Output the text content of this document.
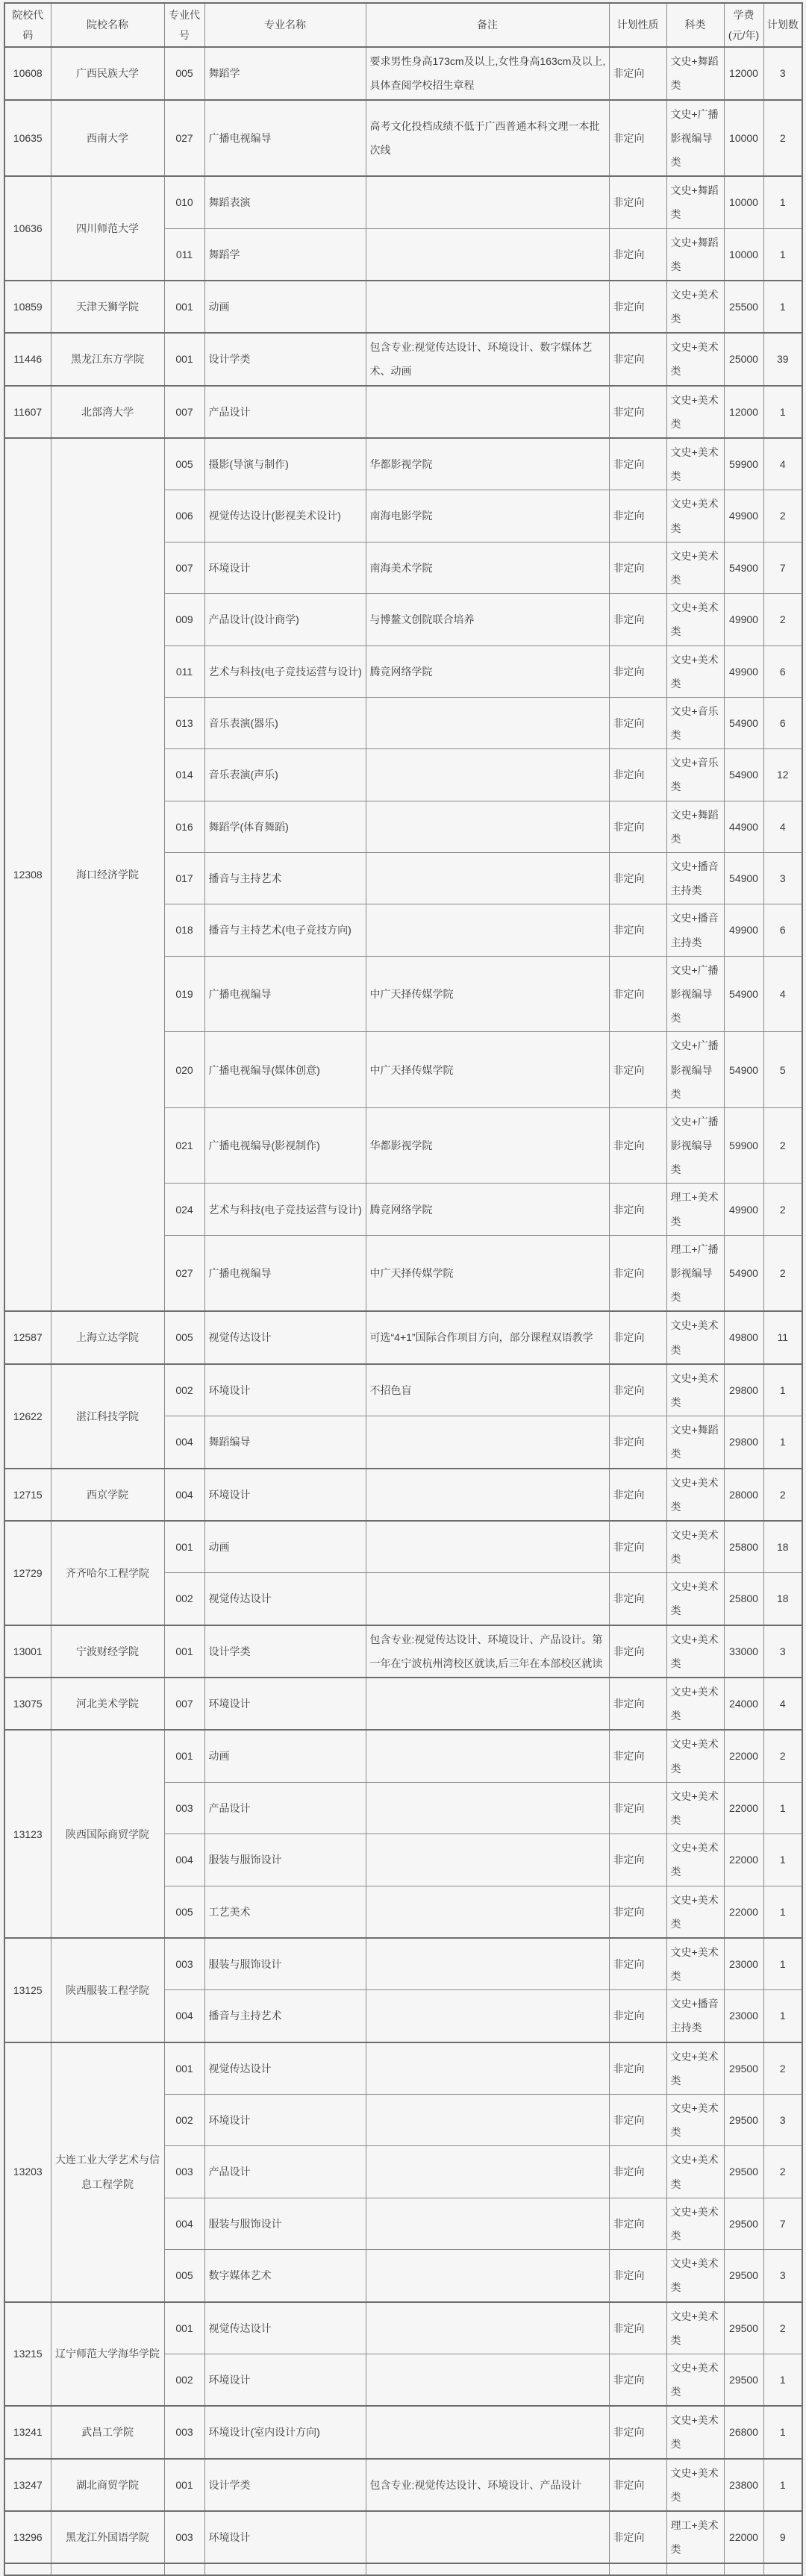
院校代码	院校名称	专业代号	专业名称	备注	计划性质	科类	学费(元/年)	计划数
10608	广西民族大学	005	舞蹈学	要求男性身高173cm及以上,女性身高163cm及以上,具体查阅学校招生章程	非定向	文史+舞蹈类	12000	3
10635	西南大学	027	广播电视编导	高考文化投档成绩不低于广西普通本科文理一本批次线	非定向	文史+广播影视编导类	10000	2
10636	四川师范大学	010	舞蹈表演		非定向	文史+舞蹈类	10000	1
		011	舞蹈学		非定向	文史+舞蹈类	10000	1
10859	天津天狮学院	001	动画		非定向	文史+美术类	25500	1
11446	黑龙江东方学院	001	设计学类	包含专业:视觉传达设计、环境设计、数字媒体艺术、动画	非定向	文史+美术类	25000	39
11607	北部湾大学	007	产品设计		非定向	文史+美术类	12000	1
12308	海口经济学院	005	摄影(导演与制作)	华都影视学院	非定向	文史+美术类	59900	4
		006	视觉传达设计(影视美术设计)	南海电影学院	非定向	文史+美术类	49900	2
		007	环境设计	南海美术学院	非定向	文史+美术类	54900	7
		009	产品设计(设计商学)	与博鳌文创院联合培养	非定向	文史+美术类	49900	2
		011	艺术与科技(电子竞技运营与设计)	腾竞网络学院	非定向	文史+美术类	49900	6
		013	音乐表演(器乐)		非定向	文史+音乐类	54900	6
		014	音乐表演(声乐)		非定向	文史+音乐类	54900	12
		016	舞蹈学(体育舞蹈)		非定向	文史+舞蹈类	44900	4
		017	播音与主持艺术		非定向	文史+播音主持类	54900	3
		018	播音与主持艺术(电子竞技方向)		非定向	文史+播音主持类	49900	6
		019	广播电视编导	中广天择传媒学院	非定向	文史+广播影视编导类	54900	4
		020	广播电视编导(媒体创意)	中广天择传媒学院	非定向	文史+广播影视编导类	54900	5
		021	广播电视编导(影视制作)	华都影视学院	非定向	文史+广播影视编导类	59900	2
		024	艺术与科技(电子竞技运营与设计)	腾竞网络学院	非定向	理工+美术类	49900	2
		027	广播电视编导	中广天择传媒学院	非定向	理工+广播影视编导类	54900	2
12587	上海立达学院	005	视觉传达设计	可选“4+1”国际合作项目方向，部分课程双语教学	非定向	文史+美术类	49800	11
12622	湛江科技学院	002	环境设计	不招色盲	非定向	文史+美术类	29800	1
		004	舞蹈编导		非定向	文史+舞蹈类	29800	1
12715	西京学院	004	环境设计		非定向	文史+美术类	28000	2
12729	齐齐哈尔工程学院	001	动画		非定向	文史+美术类	25800	18
		002	视觉传达设计		非定向	文史+美术类	25800	18
13001	宁波财经学院	001	设计学类	包含专业:视觉传达设计、环境设计、产品设计。第一年在宁波杭州湾校区就读,后三年在本部校区就读	非定向	文史+美术类	33000	3
13075	河北美术学院	007	环境设计		非定向	文史+美术类	24000	4
13123	陕西国际商贸学院	001	动画		非定向	文史+美术类	22000	2
		003	产品设计		非定向	文史+美术类	22000	1
		004	服装与服饰设计		非定向	文史+美术类	22000	1
		005	工艺美术		非定向	文史+美术类	22000	1
13125	陕西服装工程学院	003	服装与服饰设计		非定向	文史+美术类	23000	1
		004	播音与主持艺术		非定向	文史+播音主持类	23000	1
13203	大连工业大学艺术与信息工程学院	001	视觉传达设计		非定向	文史+美术类	29500	2
		002	环境设计		非定向	文史+美术类	29500	3
		003	产品设计		非定向	文史+美术类	29500	2
		004	服装与服饰设计		非定向	文史+美术类	29500	7
		005	数字媒体艺术		非定向	文史+美术类	29500	3
13215	辽宁师范大学海华学院	001	视觉传达设计		非定向	文史+美术类	29500	2
		002	环境设计		非定向	文史+美术类	29500	1
13241	武昌工学院	003	环境设计(室内设计方向)		非定向	文史+美术类	26800	1
13247	湖北商贸学院	001	设计学类	包含专业:视觉传达设计、环境设计、产品设计	非定向	文史+美术类	23800	1
13296	黑龙江外国语学院	003	环境设计		非定向	理工+美术类	22000	9
